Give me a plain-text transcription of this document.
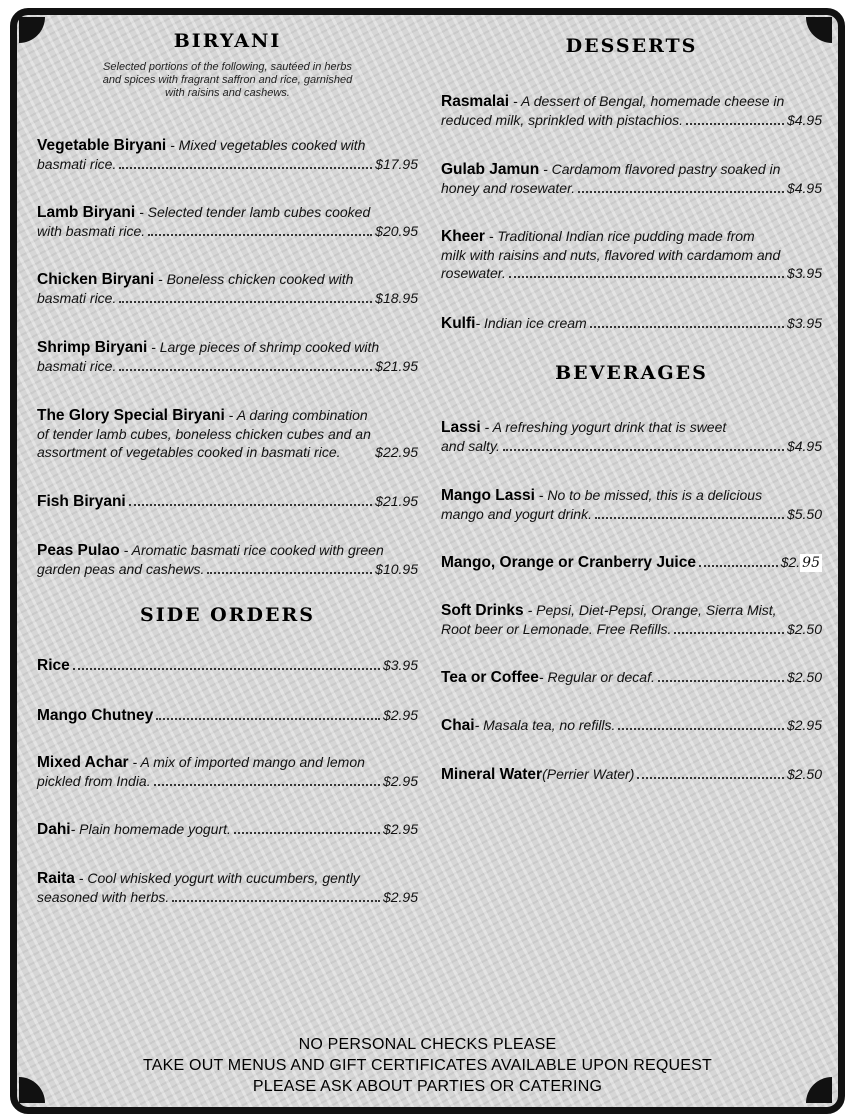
BIRYANI
Selected portions of the following, sautéed in herbs
and spices with fragrant saffron and rice, garnished
with raisins and cashews.
Vegetable Biryani - Mixed vegetables cooked with
basmati rice.	$17.95
Lamb Biryani - Selected tender lamb cubes cooked
with basmati rice.	$20.95
Chicken Biryani - Boneless chicken cooked with
basmati rice.	$18.95
Shrimp Biryani - Large pieces of shrimp cooked with
basmati rice.	$21.95
The Glory Special Biryani - A daring combination
of tender lamb cubes, boneless chicken cubes and an
assortment of vegetables cooked in basmati rice. $22.95
Fish Biryani	$21.95
Peas Pulao - Aromatic basmati rice cooked with green
garden peas and cashews.	$10.95
SIDE ORDERS
Rice	$3.95
Mango Chutney	$2.95
Mixed Achar - A mix of imported mango and lemon
pickled from India.	$2.95
Dahi - Plain homemade yogurt.	$2.95
Raita - Cool whisked yogurt with cucumbers, gently
seasoned with herbs.	$2.95
DESSERTS
Rasmalai - A dessert of Bengal, homemade cheese in
reduced milk, sprinkled with pistachios.	$4.95
Gulab Jamun - Cardamom flavored pastry soaked in
honey and rosewater.	$4.95
Kheer - Traditional Indian rice pudding made from
milk with raisins and nuts, flavored with cardamom and
rosewater.	$3.95
Kulfi - Indian ice cream	$3.95
BEVERAGES
Lassi - A refreshing yogurt drink that is sweet
and salty.	$4.95
Mango Lassi - No to be missed, this is a delicious
mango and yogurt drink.	$5.50
Mango, Orange or Cranberry Juice	$2. 95
Soft Drinks - Pepsi, Diet-Pepsi, Orange, Sierra Mist,
Root beer or Lemonade. Free Refills.	$2.50
Tea or Coffee - Regular or decaf.	$2.50
Chai - Masala tea, no refills.	$2.95
Mineral Water (Perrier Water)	$2.50
NO PERSONAL CHECKS PLEASE
TAKE OUT MENUS AND GIFT CERTIFICATES AVAILABLE UPON REQUEST
PLEASE ASK ABOUT PARTIES OR CATERING
